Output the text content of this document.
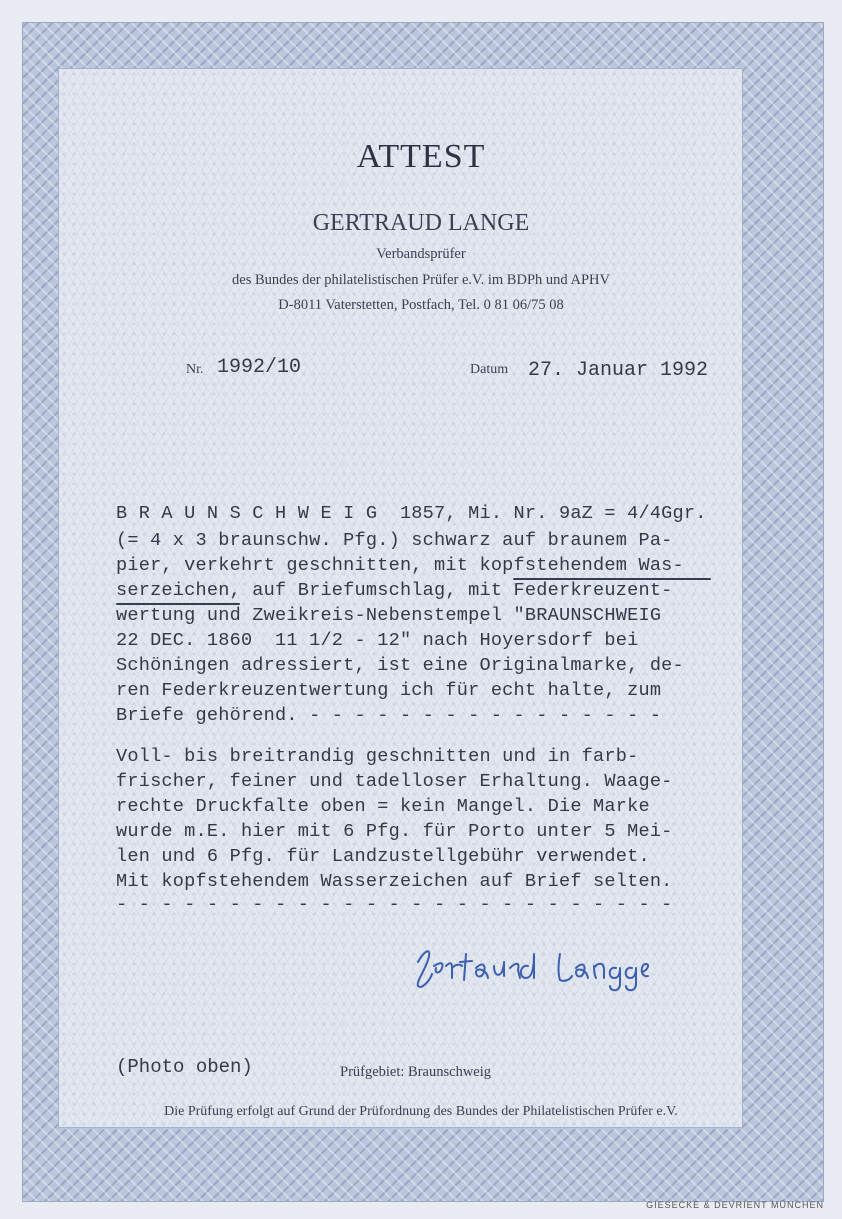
ATTEST
GERTRAUD LANGE
Verbandsprüfer
des Bundes der philatelistischen Prüfer e.V. im BDPh und APHV
D-8011 Vaterstetten, Postfach, Tel. 0 81 06/75 08
Nr. 1992/10	Datum 27. Januar 1992
B R A U N S C H W E I G  1857, Mi. Nr. 9aZ = 4/4Ggr.
(= 4 x 3 braunschw. Pfg.) schwarz auf braunem Pa-
pier, verkehrt geschnitten, mit kopfstehendem Was-
serzeichen, auf Briefumschlag, mit Federkreuzent-
wertung und Zweikreis-Nebenstempel "BRAUNSCHWEIG
22 DEC. 1860  11 1/2 - 12" nach Hoyersdorf bei
Schöningen adressiert, ist eine Originalmarke, de-
ren Federkreuzentwertung ich für echt halte, zum
Briefe gehörend. - - - - - - - - - - - - - - - -
Voll- bis breitrandig geschnitten und in farb-
frischer, feiner und tadelloser Erhaltung. Waage-
rechte Druckfalte oben = kein Mangel. Die Marke
wurde m.E. hier mit 6 Pfg. für Porto unter 5 Mei-
len und 6 Pfg. für Landzustellgebühr verwendet.
Mit kopfstehendem Wasserzeichen auf Brief selten.
- - - - - - - - - - - - - - - - - - - - - - - - -
(Photo oben)	Prüfgebiet: Braunschweig
Die Prüfung erfolgt auf Grund der Prüfordnung des Bundes der Philatelistischen Prüfer e.V.
GIESECKE & DEVRIENT MÜNCHEN
